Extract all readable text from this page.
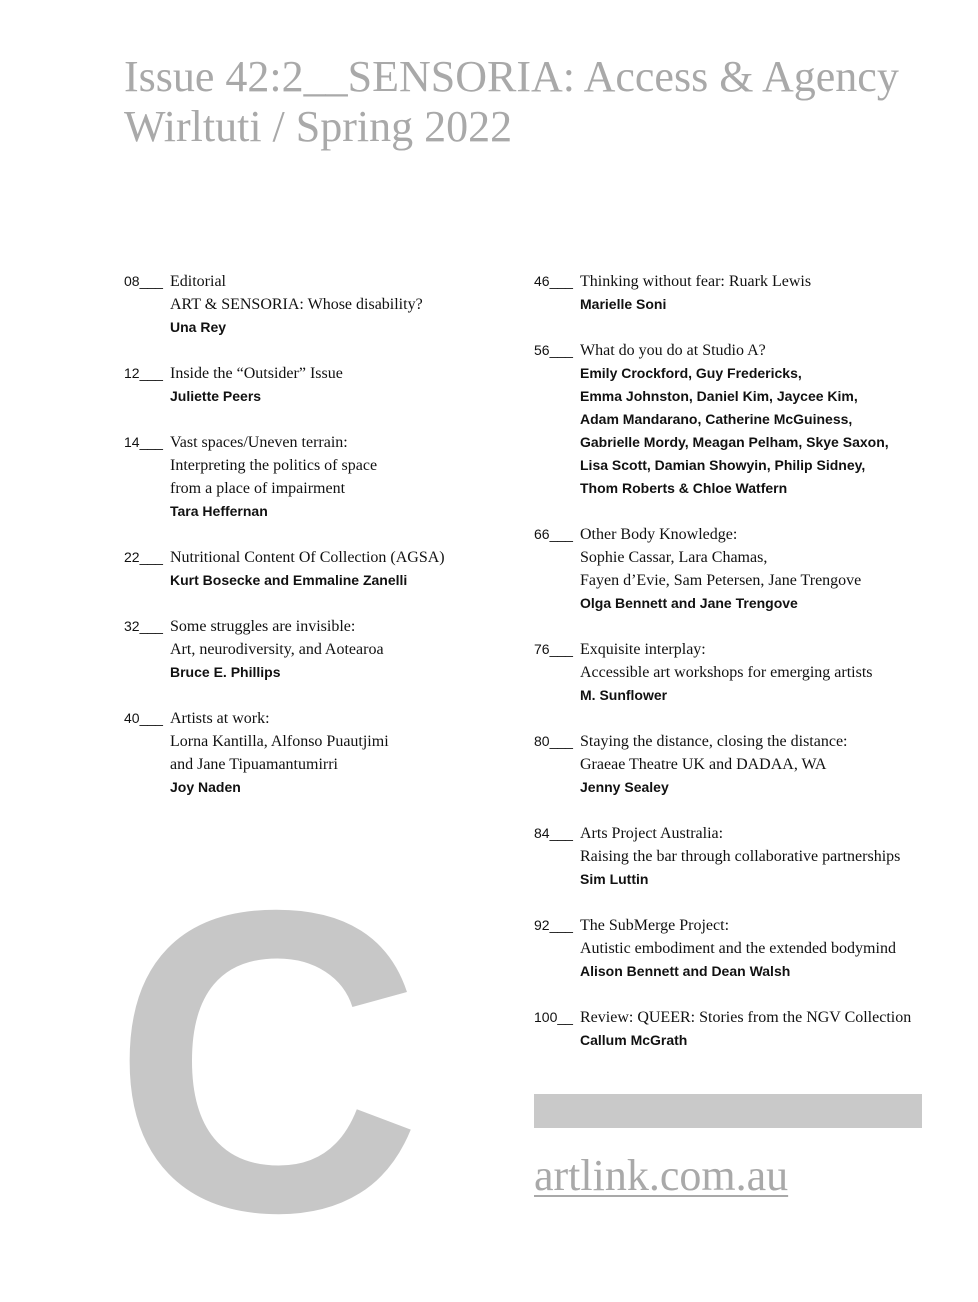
Issue 42:2__SENSORIA: Access & Agency
Wirltuti / Spring 2022
08___ Editorial
ART & SENSORIA: Whose disability?
Una Rey
12___ Inside the “Outsider” Issue
Juliette Peers
14___ Vast spaces/Uneven terrain:
Interpreting the politics of space
from a place of impairment
Tara Heffernan
22___ Nutritional Content Of Collection (AGSA)
Kurt Bosecke and Emmaline Zanelli
32___ Some struggles are invisible:
Art, neurodiversity, and Aotearoa
Bruce E. Phillips
40___ Artists at work:
Lorna Kantilla, Alfonso Puautjimi
and Jane Tipuamantumirri
Joy Naden
46___ Thinking without fear: Ruark Lewis
Marielle Soni
56___ What do you do at Studio A?
Emily Crockford, Guy Fredericks,
Emma Johnston, Daniel Kim, Jaycee Kim,
Adam Mandarano, Catherine McGuiness,
Gabrielle Mordy, Meagan Pelham, Skye Saxon,
Lisa Scott, Damian Showyin, Philip Sidney,
Thom Roberts & Chloe Watfern
66___ Other Body Knowledge:
Sophie Cassar, Lara Chamas,
Fayen d’Evie, Sam Petersen, Jane Trengove
Olga Bennett and Jane Trengove
76___ Exquisite interplay:
Accessible art workshops for emerging artists
M. Sunflower
80___ Staying the distance, closing the distance:
Graeae Theatre UK and DADAA, WA
Jenny Sealey
84___ Arts Project Australia:
Raising the bar through collaborative partnerships
Sim Luttin
92___ The SubMerge Project:
Autistic embodiment and the extended bodymind
Alison Bennett and Dean Walsh
100__ Review: QUEER: Stories from the NGV Collection
Callum McGrath
C	artlink.com.au
